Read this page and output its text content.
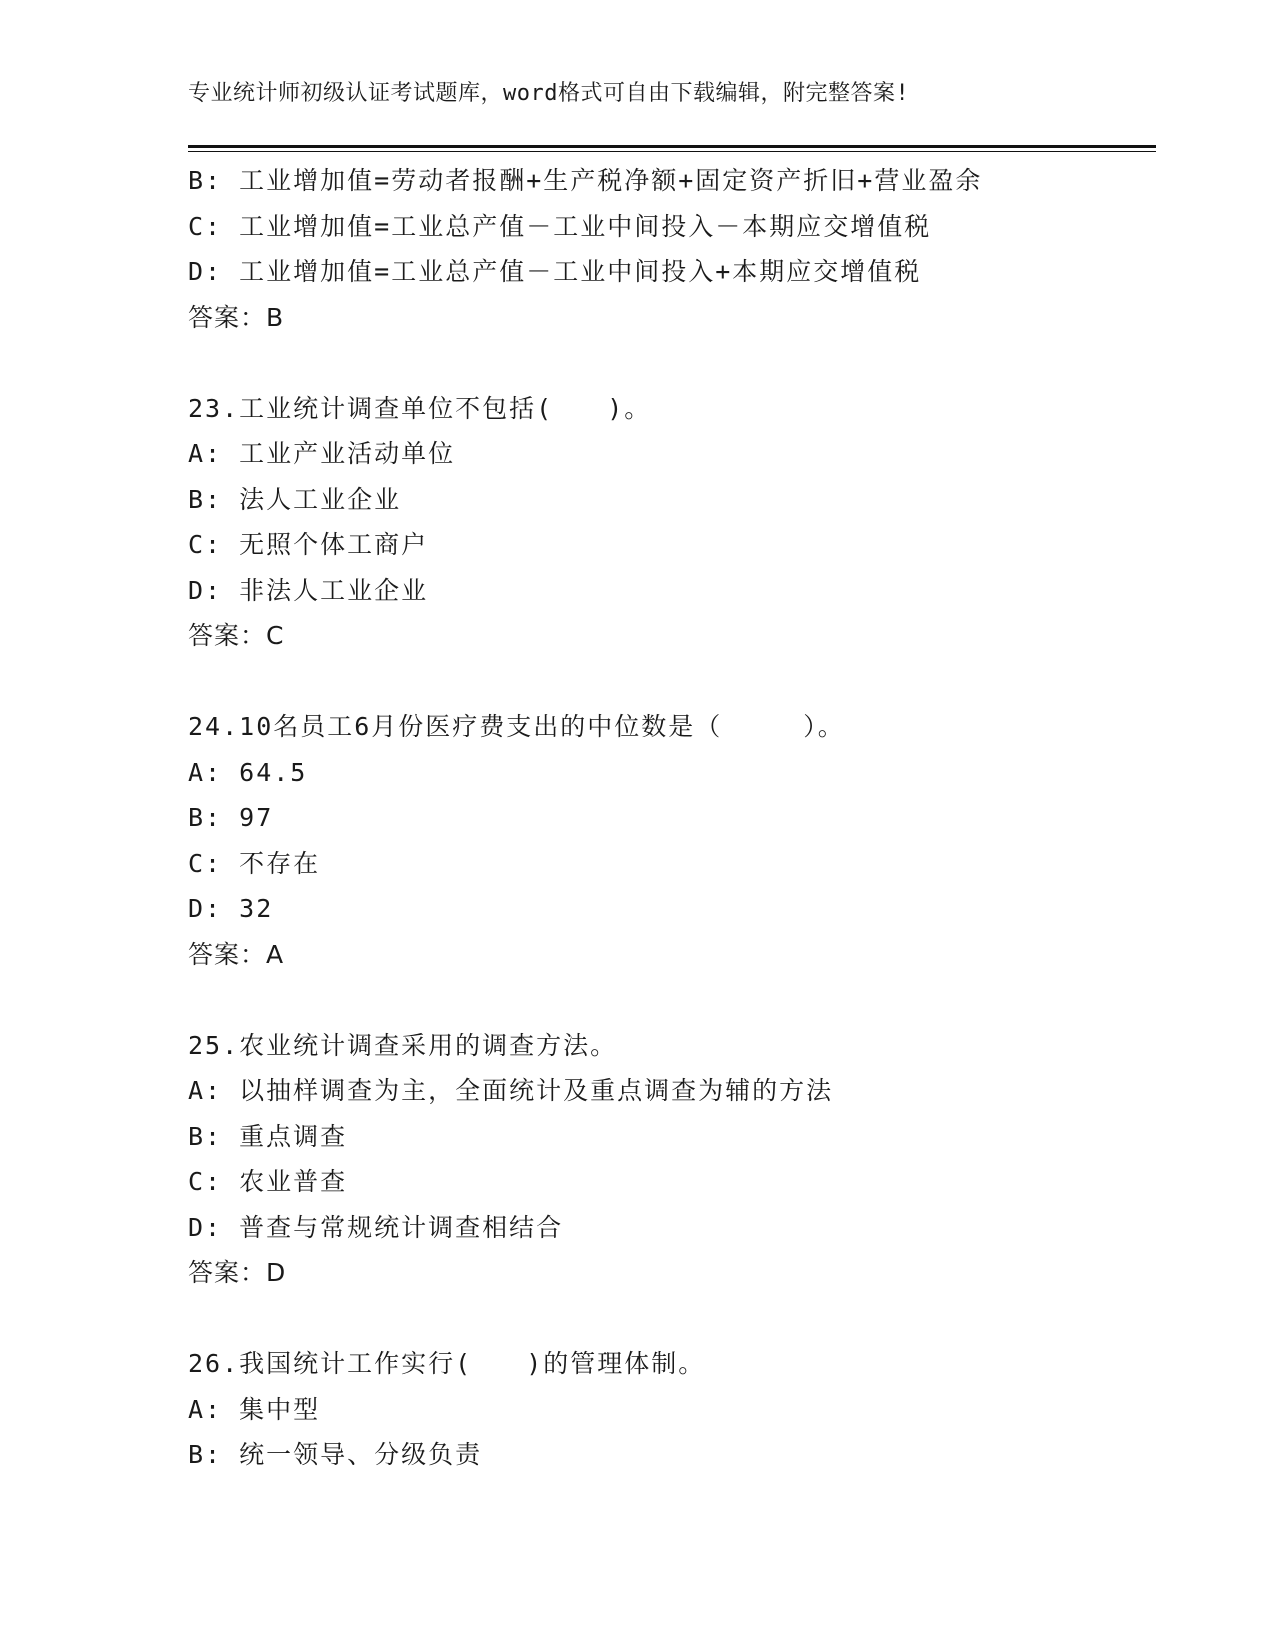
专业统计师初级认证考试题库，word格式可自由下载编辑，附完整答案!
B: 工业增加值=劳动者报酬+生产税净额+固定资产折旧+营业盈余
C: 工业增加值=工业总产值－工业中间投入－本期应交增值税
D: 工业增加值=工业总产值－工业中间投入+本期应交增值税
答案：B
23.工业统计调查单位不包括(　　)。
A: 工业产业活动单位
B: 法人工业企业
C: 无照个体工商户
D: 非法人工业企业
答案：C
24.10名员工6月份医疗费支出的中位数是（　　　）。
A: 64.5
B: 97
C: 不存在
D: 32
答案：A
25.农业统计调查采用的调查方法。
A: 以抽样调查为主，全面统计及重点调查为辅的方法
B: 重点调查
C: 农业普查
D: 普查与常规统计调查相结合
答案：D
26.我国统计工作实行(　　)的管理体制。
A: 集中型
B: 统一领导、分级负责
